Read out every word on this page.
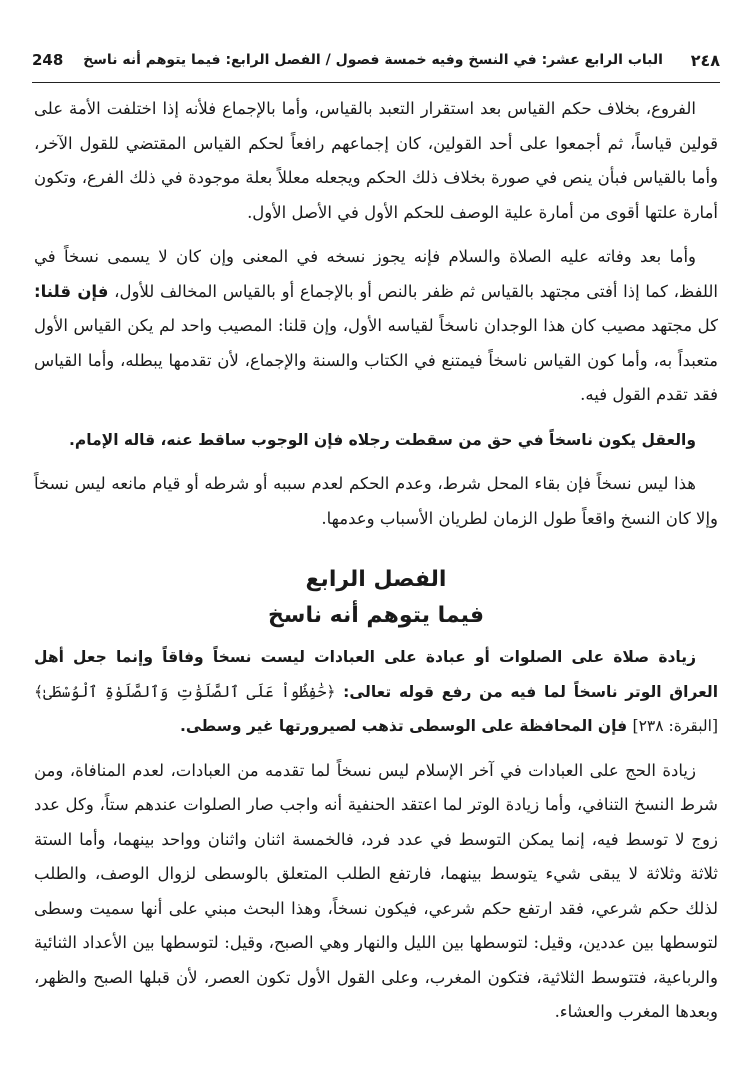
٢٤٨
الباب الرابع عشر: في النسخ وفيه خمسة فصول / الفصل الرابع: فيما يتوهم أنه ناسخ
248

الفروع، بخلاف حكم القياس بعد استقرار التعبد بالقياس، وأما بالإجماع فلأنه إذا اختلفت الأمة على قولين قياساً، ثم أجمعوا على أحد القولين، كان إجماعهم رافعاً لحكم القياس المقتضي للقول الآخر، وأما بالقياس فبأن ينص في صورة بخلاف ذلك الحكم ويجعله معللاً بعلة موجودة في ذلك الفرع، وتكون أمارة علتها أقوى من أمارة علية الوصف للحكم الأول في الأصل الأول.

وأما بعد وفاته عليه الصلاة والسلام فإنه يجوز نسخه في المعنى وإن كان لا يسمى نسخاً في اللفظ، كما إذا أفتى مجتهد بالقياس ثم ظفر بالنص أو بالإجماع أو بالقياس المخالف للأول، فإن قلنا: كل مجتهد مصيب كان هذا الوجدان ناسخاً لقياسه الأول، وإن قلنا: المصيب واحد لم يكن القياس الأول متعبداً به، وأما كون القياس ناسخاً فيمتنع في الكتاب والسنة والإجماع، لأن تقدمها يبطله، وأما القياس فقد تقدم القول فيه.

والعقل يكون ناسخاً في حق من سقطت رجلاه فإن الوجوب ساقط عنه، قاله الإمام.

هذا ليس نسخاً فإن بقاء المحل شرط، وعدم الحكم لعدم سببه أو شرطه أو قيام مانعه ليس نسخاً وإلا كان النسخ واقعاً طول الزمان لطريان الأسباب وعدمها.

الفصل الرابع
فيما يتوهم أنه ناسخ

زيادة صلاة على الصلوات أو عبادة على العبادات ليست نسخاً وفاقاً وإنما جعل أهل العراق الوتر ناسخاً لما فيه من رفع قوله تعالى: ﴿حَٰفِظُواْ عَلَى ٱلصَّلَوَٰتِ وَٱلصَّلَوٰةِ ٱلْوُسْطَىٰ﴾ [البقرة: ٢٣٨] فإن المحافظة على الوسطى تذهب لصيرورتها غير وسطى.

زيادة الحج على العبادات في آخر الإسلام ليس نسخاً لما تقدمه من العبادات، لعدم المنافاة، ومن شرط النسخ التنافي، وأما زيادة الوتر لما اعتقد الحنفية أنه واجب صار الصلوات عندهم ستاً، وكل عدد زوج لا توسط فيه، إنما يمكن التوسط في عدد فرد، فالخمسة اثنان واثنان وواحد بينهما، وأما الستة ثلاثة وثلاثة لا يبقى شيء يتوسط بينهما، فارتفع الطلب المتعلق بالوسطى لزوال الوصف، والطلب لذلك حكم شرعي، فقد ارتفع حكم شرعي، فيكون نسخاً، وهذا البحث مبني على أنها سميت وسطى لتوسطها بين عددين، وقيل: لتوسطها بين الليل والنهار وهي الصبح، وقيل: لتوسطها بين الأعداد الثنائية والرباعية، فتتوسط الثلاثية، فتكون المغرب، وعلى القول الأول تكون العصر، لأن قبلها الصبح والظهر، وبعدها المغرب والعشاء.
